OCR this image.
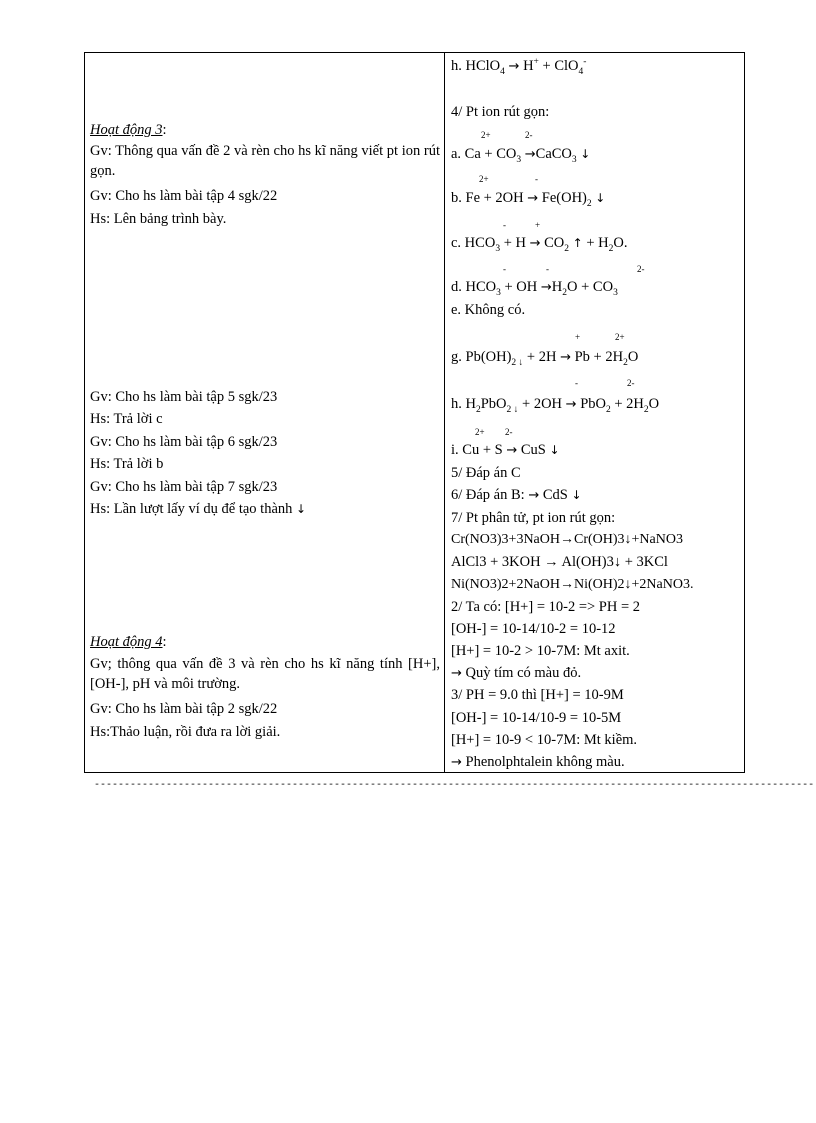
Hoạt động 3:
Gv: Thông qua vấn đề 2 và rèn cho hs kĩ năng viết pt ion rút gọn.
Gv: Cho hs làm bài tập 4 sgk/22
Hs: Lên bảng trình bày.
Gv: Cho hs làm bài tập 5 sgk/23
Hs: Trả lời c
Gv: Cho hs làm bài tập 6 sgk/23
Hs: Trả lời b
Gv: Cho hs làm bài tập 7 sgk/23
Hs: Lần lượt lấy ví dụ để tạo thành ↓
Hoạt động 4:
Gv; thông qua vấn đề 3 và rèn cho hs kĩ năng tính [H+], [OH-], pH và môi trường.
Gv: Cho hs làm bài tập 2 sgk/22
Hs:Thảo luận, rồi đưa ra lời giải.
h. HClO$_4$ → H+ + ClO$_4$-
4/ Pt ion rút gọn:
2+	2-
a. $Ca + CO_3$ →CaCO$_3$ ↓
2+	-
b. $Fe + 2OH \to Fe(OH)_2$ ↓
-	+
c. $HCO_3 + H \to CO_2$ ↑ + $H_2O$.
-	-	2-
d. $HCO_3$ + OH $\to H_2O + CO_3$
e. Không có.
+	2+
g. $Pb(OH)_{2 ↓} + 2H \to Pb + 2H_2O$
-	2-
h. $H_2PbO_{2 ↓} + 2OH \to PbO_2 + 2H_2O$
2+ 2-
i. Cu + S → CuS ↓
5/ Đáp án C
6/ Đáp án B: → CdS ↓
7/ Pt phân tử, pt ion rút gọn:
Cr(NO3)3+3NaOH→Cr(OH)3↓+NaNO3
AlCl3 + 3KOH → Al(OH)3↓ + 3KCl
Ni(NO3)2+2NaOH→Ni(OH)2↓+2NaNO3.
2/ Ta có: [H+] = 10-2 => PH = 2
[OH-] = 10-14/10-2 = 10-12
[H+] = 10-2 > 10-7M: Mt axit.
→ Quỳ tím có màu đỏ.
3/ PH = 9.0 thì [H+] = 10-9M
[OH-] = 10-14/10-9 = 10-5M
[H+] = 10-9 < 10-7M: Mt kiềm.
→ Phenolphtalein không màu.
------------------------------------------------------------------------------------------------------------------------
